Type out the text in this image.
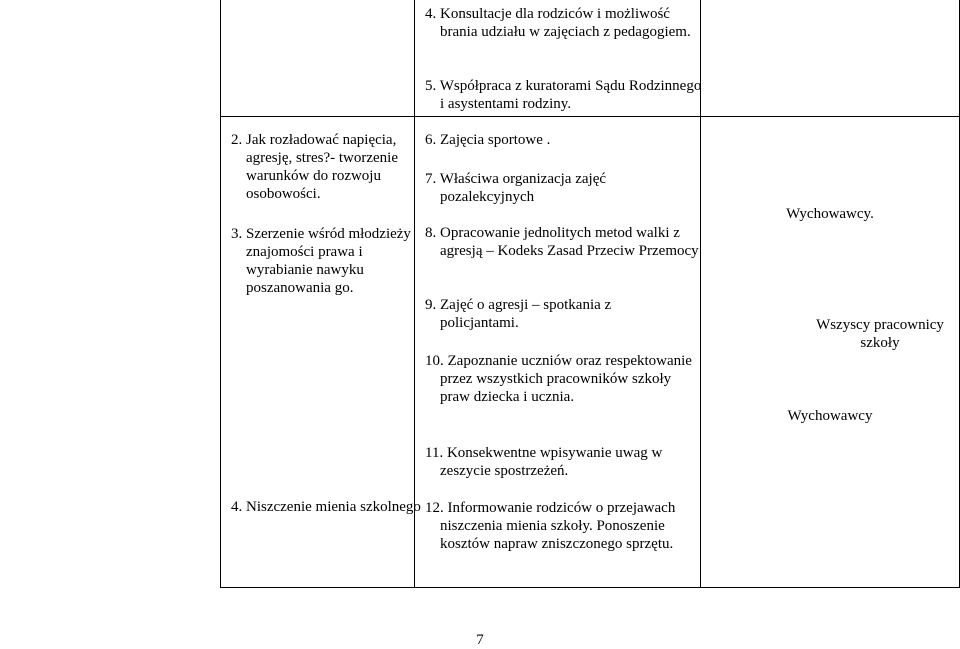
4. Konsultacje dla rodziców i możliwość brania udziału w zajęciach z pedagogiem.
5. Współpraca z kuratorami Sądu Rodzinnego i asystentami rodziny.
2. Jak rozładować napięcia, agresję, stres?- tworzenie warunków do rozwoju osobowości.
3. Szerzenie wśród młodzieży znajomości prawa i wyrabianie nawyku poszanowania go.
4. Niszczenie mienia szkolnego
6. Zajęcia sportowe .
7. Właściwa organizacja zajęć pozalekcyjnych
8. Opracowanie jednolitych metod walki z agresją – Kodeks Zasad Przeciw Przemocy
9. Zajęć o agresji – spotkania z policjantami.
10. Zapoznanie uczniów oraz respektowanie przez wszystkich pracowników szkoły praw dziecka i ucznia.
11. Konsekwentne wpisywanie uwag w zeszycie spostrzeżeń.
12. Informowanie rodziców o przejawach niszczenia mienia szkoły. Ponoszenie kosztów napraw zniszczonego sprzętu.
Wychowawcy.
Wszyscy pracownicy szkoły
Wychowawcy
7
